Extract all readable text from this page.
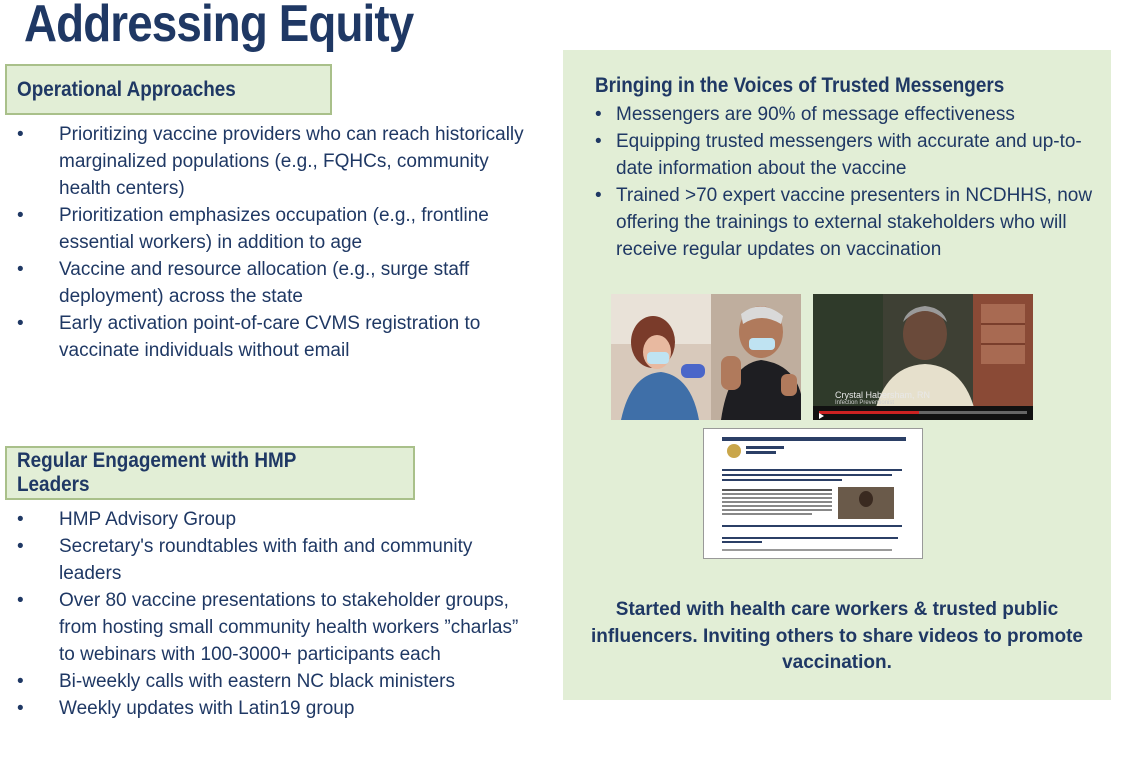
Addressing Equity
Operational Approaches
• Prioritizing vaccine providers who can reach historically marginalized populations (e.g., FQHCs, community health centers)
• Prioritization emphasizes occupation (e.g., frontline essential workers) in addition to age
• Vaccine and resource allocation (e.g., surge staff deployment) across the state
• Early activation point-of-care CVMS registration to vaccinate individuals without email
Regular Engagement with HMP Leaders
• HMP Advisory Group
• Secretary's roundtables with faith and community leaders
• Over 80 vaccine presentations to stakeholder groups, from hosting small community health workers ”charlas” to webinars with 100-3000+ participants each
• Bi-weekly calls with eastern NC black ministers
• Weekly updates with Latin19 group
Bringing in the Voices of Trusted Messengers
• Messengers are 90% of message effectiveness
• Equipping trusted messengers with accurate and up-to-date information about the vaccine
• Trained >70 expert vaccine presenters in NCDHHS, now offering the trainings to external stakeholders who will receive regular updates on vaccination
Crystal Habersham, RN
Infection Preventionist
Started with health care workers & trusted public influencers. Inviting others to share videos to promote vaccination.
